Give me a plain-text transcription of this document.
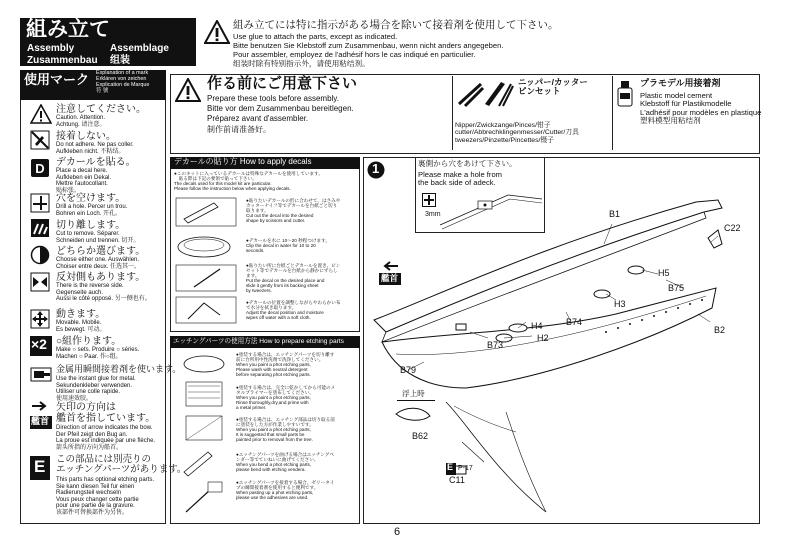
組み立て
Assembly	Assemblage
Zusammenbau 组装
組み立てには特に指示がある場合を除いて接着剤を使用して下さい。
Use glue to attach the parts, except as indicated.
Bitte benutzen Sie Klebstoff zum Zusammenbau, wenn nicht anders angegeben.
Pour assembler, employez de l'adhésif hors le cas indiqué en particulier.
组装时除有特别指示外，请使用粘结剂。
使用マーク Explanation of a mark
Erklären von zeichen
Explication de Marque
符 號
D
×2
艦首
E
注意してください。
Caution. Attention.
Achtung. 请注意。
接着しない。
Do not adhere. Ne pas coller.
Aufkleben nicht. 不粘结。
デカールを貼る。
Place a decal here.
Aufkleben ein Dekal.
Mettre l'autocollant.
贴标张。
穴を空けます。
Drill a hole. Percer un trou.
Bohren ein Loch. 开孔。
切り離します。
Cut to remove. Séparer.
Schneiden und trennen. 切开。
どちらか選びます。
Choose either one. Auswählen.
Choiser entre deux. 任选其一。
反対側もあります。
There is the reverse side.
Gegenseite auch.
Aussi le côté opposé. 另一侧也有。
動きます。
Movable. Mobile.
Es bewegt. 可动。
○組作ります。
Make ○ sets. Produire ○ séries.
Machen ○ Paar. 作○组。
金属用瞬間接着剤を使います。
Use the instant glue for metal.
Sekundenkleber verwenden.
Utiliser une colle rapide.
使用速效胶。
矢印の方向は
艦首を指しています。
Direction of arrow indicates the bow.
Der Pfeil zeigt den Bug an.
La proue est indiquée par une flèche.
箭头所指的方向为船首。
この部品には別売りの
エッチングパーツがあります。
This parts has optional etching parts.
Sie kann diesen Teil fur einen
Radierungsteil wechseln
Vous peux changer cette partie
pour une partie de la gravure.
该部件可替换部件为另售。
作る前にご用意下さい
Prepare these tools before assembly.
Bitte vor dem Zusammenbau bereitlegen.
Préparez avant d'assembler.
制作前请准备好。
ニッパー/カッター
ピンセット
Nipper/Zwickzange/Pinces/钳子
cutter/Abbrechklingenmesser/Cutter/刀具
tweezers/Pinzette/Pincettes/镊子
プラモデル用接着剤
Plastic model cement
Klebstoff für Plastikmodelle
L'adhésif pour modèles en plastique
塑料模型用粘结剂
デカールの貼り方 How to apply decals
●このキットに入っているデカールは特殊なデカールを使用しています。
　貼る際は下記の要領で貼って下さい。
The decals used for this model kit are particular.
Please follow the instruction below when applying decals.
●貼りたいデカールの形に合わせて、はさみや
カッターナイフ等でデカールを台紙ごと切り
取ります。
Cut out the decal into the desired
shape by scissors and cutter.
●デカールを水に 10～20 秒程つけます。
Clip the decal in water for 10 to 20
seconds.
●貼りたい所に台紙ごとデカールを置き、ピン
セット等でデカールを台紙から静かにずらし
ます。
Put the decal on the desired place and
slide it gently from its backing sheet
by tweezers.
●デカールの位置を調整しながらやわらかい布
で水分を拭き取ります。
Adjust the decal position and moisture
wipes off water with a soft cloth.
エッチングパーツの使用方法 How to prepare etching parts
●塗装する場合は、エッチングパーツを切り離す
前に台所用中性洗剤で洗浄してください。
When you paint a phot etching parts,
Please wash with neutral detergent
before separating phot etching parts.
●塗装する場合は、完全に乾かしてから可能のメ
タルプライマーを塗布してください。
When you paint a phot etching parts,
Rinse thoroughly,dry,and prime with
a metal primer.
●塗装する場合は、エッチング部品は切り取る前
に塗装をした方が作業しやすいです。
When you paint a phot etching parts,
It is suggested that small parts be
painted prior to removal from the tree.
●エッチングパーツを曲げる場合はエッチングベ
ンダー等でていねいに曲げてください。
When you bend a phot etching parts,
please bend with etching vendera.
●エッチングパーツを接着する場合、ゼリータイ
プの瞬間接着剤を使用すると便利です。
When pasting up a phot etching parts,
please use the adhesives are used.
1	裏側から穴をあけて下さい。
Please make a hole from
the back side of adeck.
3mm
艦首
B1
C22
H5
B75
H3
B74
H4
H2
B73
B2
B79
B62
C11
浮上時
E P-17
6
